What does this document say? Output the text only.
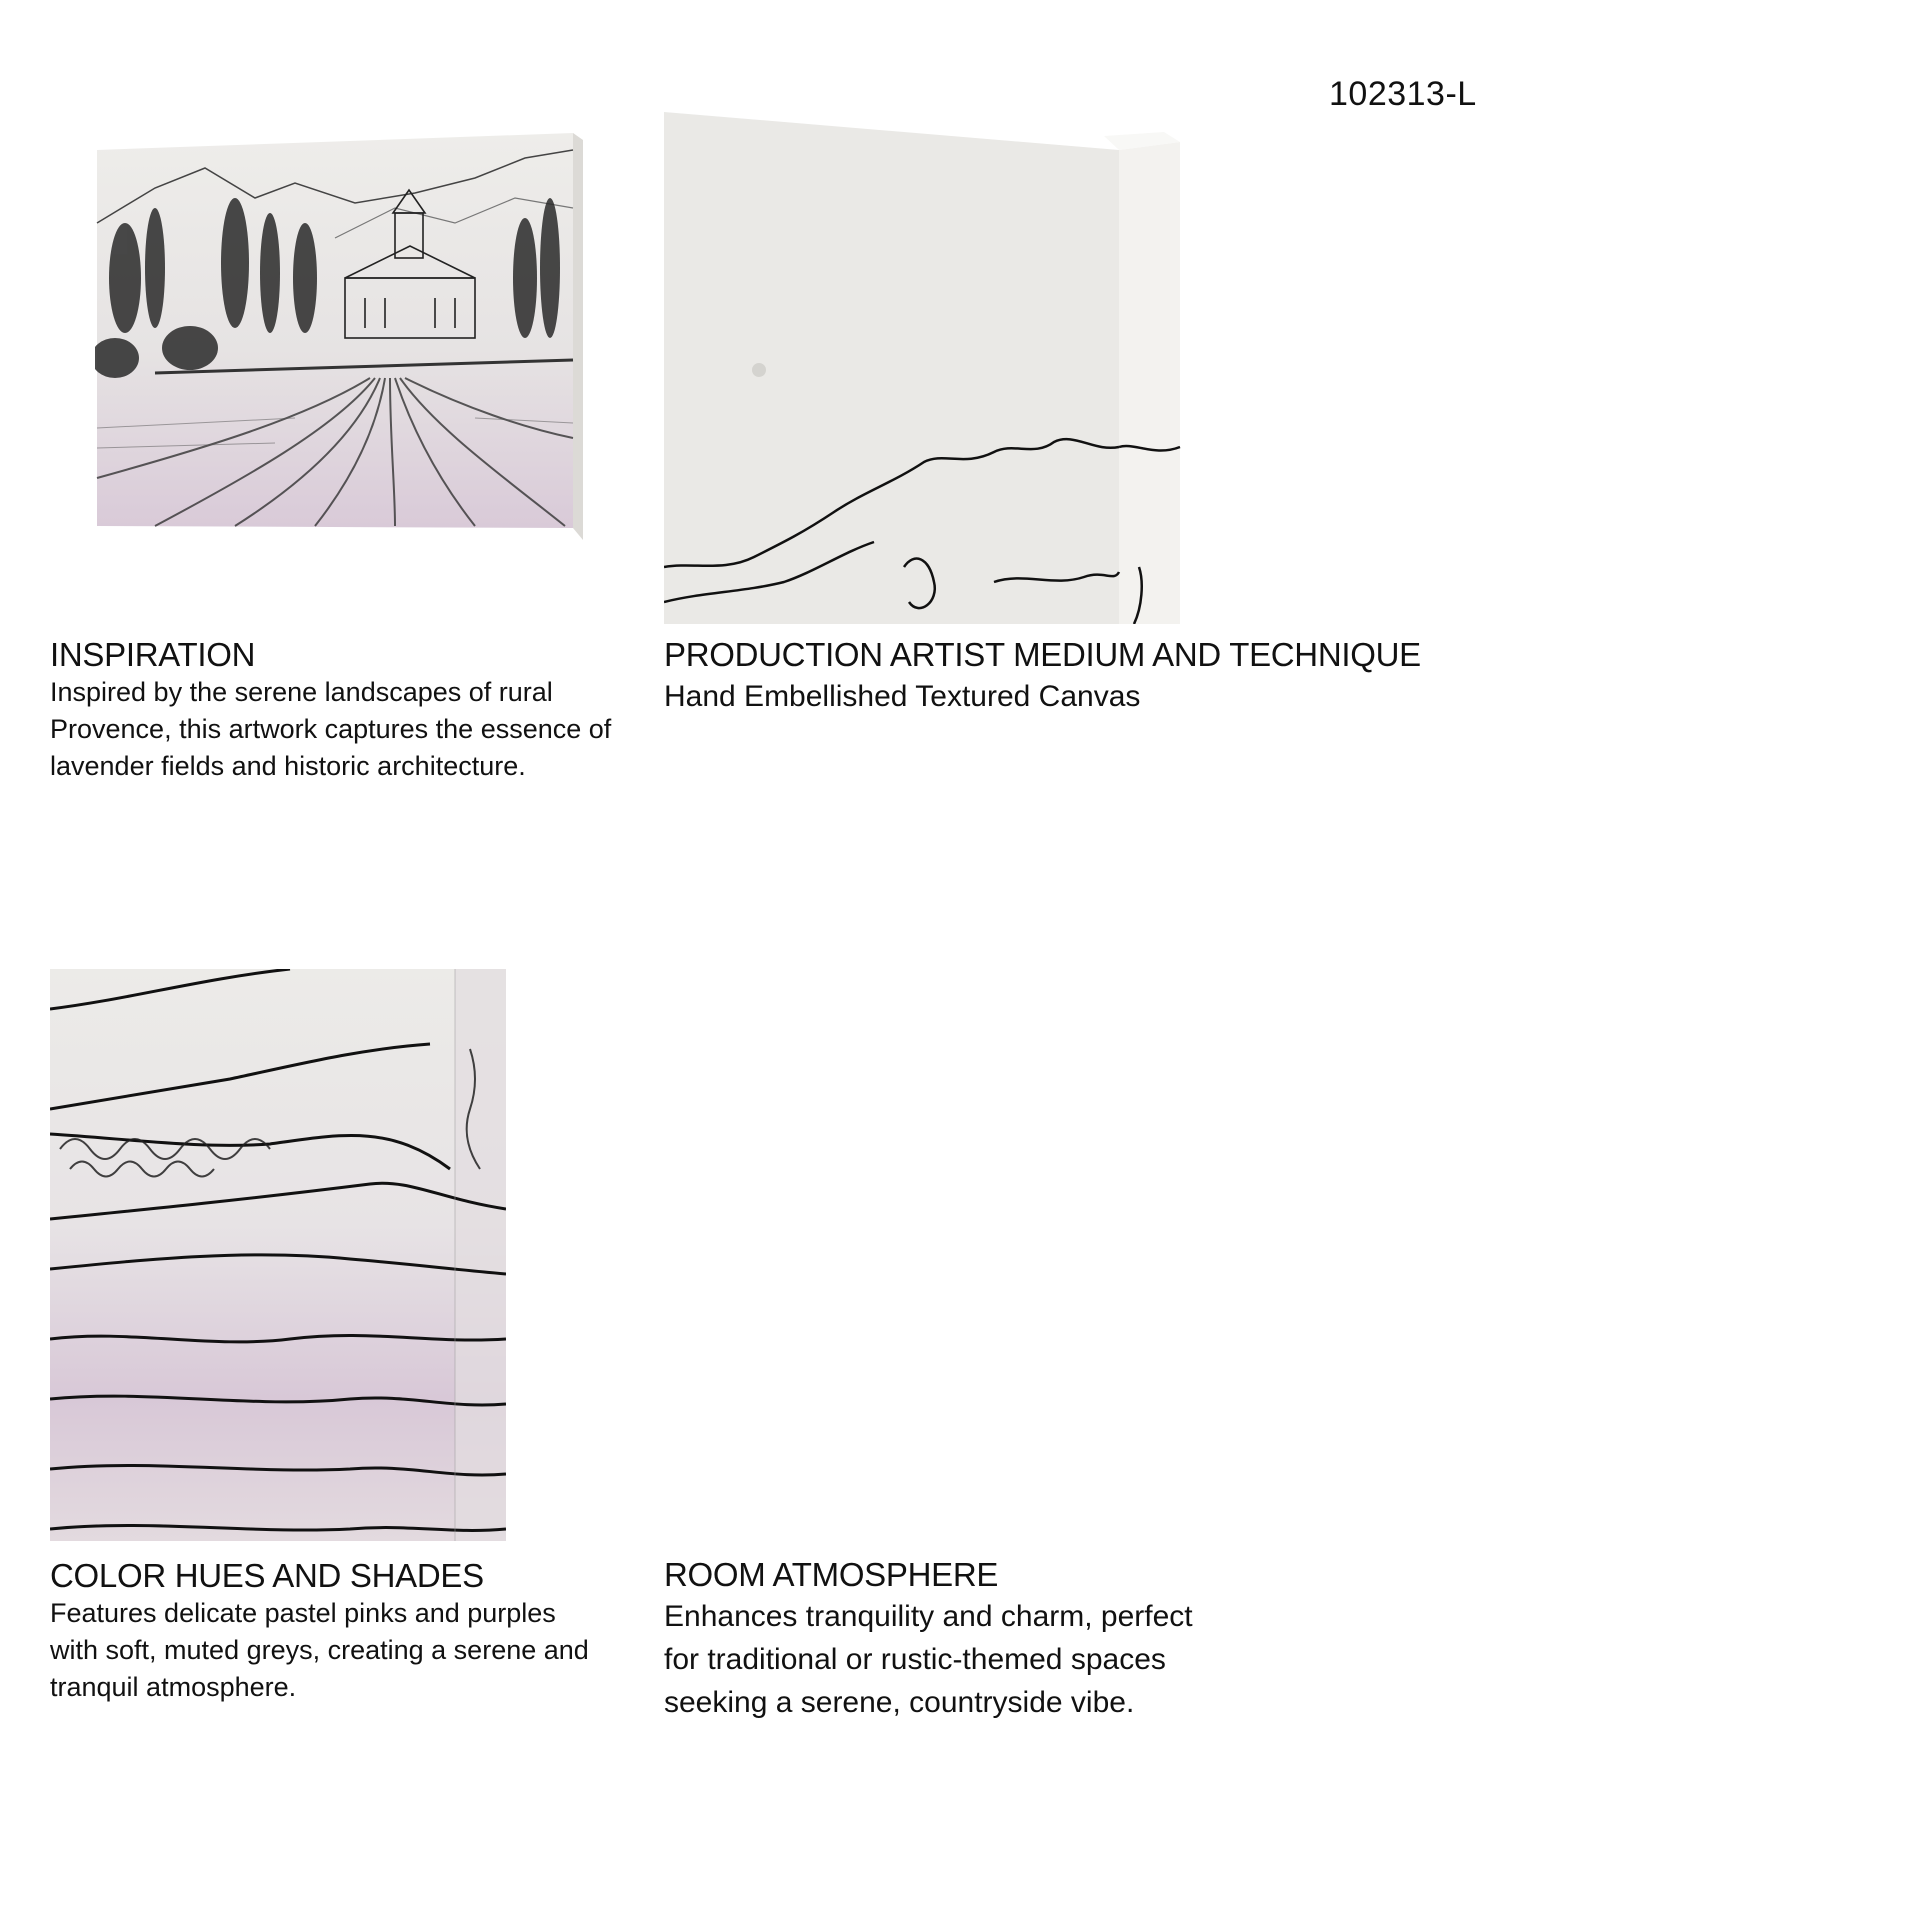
102313-L
INSPIRATION

Inspired by the serene landscapes of rural

Provence, this artwork captures the essence of

lavender fields and historic architecture.

PRODUCTION ARTIST MEDIUM AND TECHNIQUE

Hand Embellished Textured Canvas

COLOR HUES AND SHADES

Features delicate pastel pinks and purples

with soft, muted greys, creating a serene and

tranquil atmosphere.

ROOM ATMOSPHERE

Enhances tranquility and charm, perfect

for traditional or rustic-themed spaces

seeking a serene, countryside vibe.
